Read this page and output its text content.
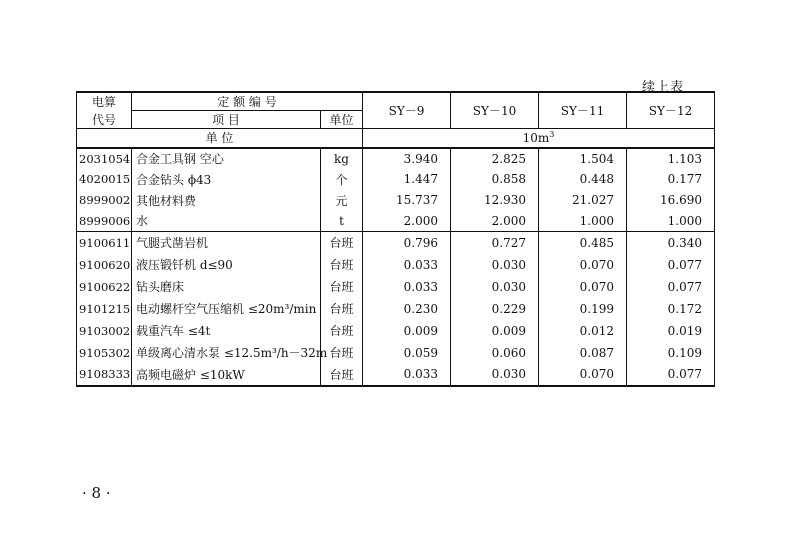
续上表
电算	定 额 编 号		SY－9	SY－10	SY－11	SY－12
代号	项 目	单位				
单 位			$10m^3$
2031054	合金工具钢 空心	kg	3.940	2.825	1.504	1.103
4020015	合金钻头 ϕ43	个	1.447	0.858	0.448	0.177
8999002	其他材料费	元	15.737	12.930	21.027	16.690
8999006	水	t	2.000	2.000	1.000	1.000
9100611	气腿式凿岩机	台班	0.796	0.727	0.485	0.340
9100620	液压锻钎机 d≤90	台班	0.033	0.030	0.070	0.077
9100622	钻头磨床	台班	0.033	0.030	0.070	0.077
9101215	电动螺杆空气压缩机 ≤20m³/min	台班	0.230	0.229	0.199	0.172
9103002	载重汽车 ≤4t	台班	0.009	0.009	0.012	0.019
9105302	单级离心清水泵 ≤12.5m³/h－32m	台班	0.059	0.060	0.087	0.109
9108333	高频电磁炉 ≤10kW	台班	0.033	0.030	0.070	0.077
· 8 ·
